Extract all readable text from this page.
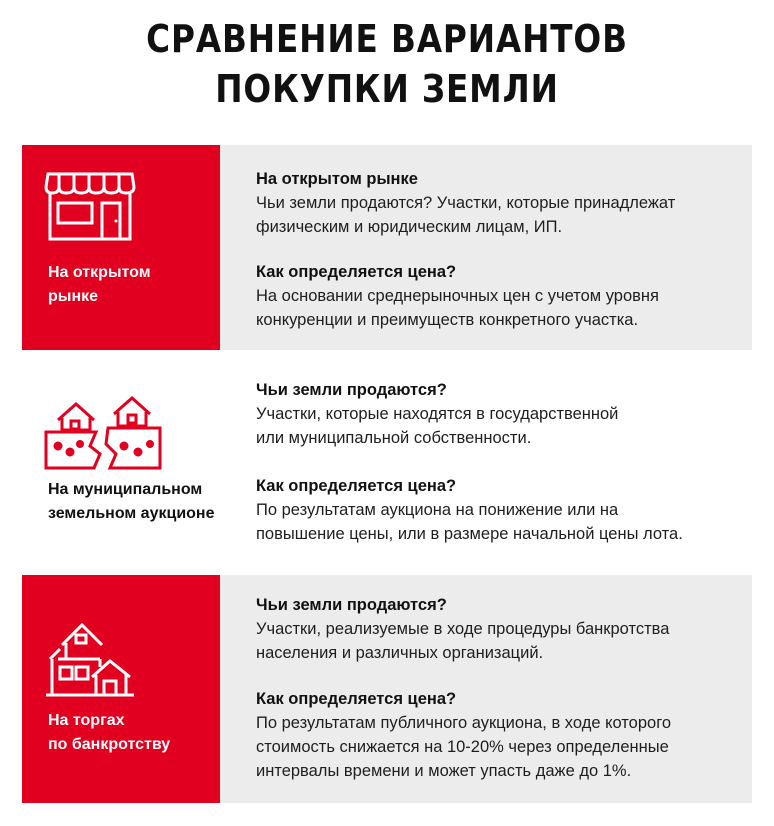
СРАВНЕНИЕ ВАРИАНТОВ
ПОКУПКИ ЗЕМЛИ
На открытом
рынке
На открытом рынке
Чьи земли продаются? Участки, которые принадлежат
физическим и юридическим лицам, ИП.
Как определяется цена?
На основании среднерыночных цен с учетом уровня
конкуренции и преимуществ конкретного участка.
На муниципальном
земельном аукционе
Чьи земли продаются?
Участки, которые находятся в государственной
или муниципальной собственности.
Как определяется цена?
По результатам аукциона на понижение или на
повышение цены, или в размере начальной цены лота.
На торгах
по банкротству
Чьи земли продаются?
Участки, реализуемые в ходе процедуры банкротства
населения и различных организаций.
Как определяется цена?
По результатам публичного аукциона, в ходе которого
стоимость снижается на 10-20% через определенные
интервалы времени и может упасть даже до 1%.
